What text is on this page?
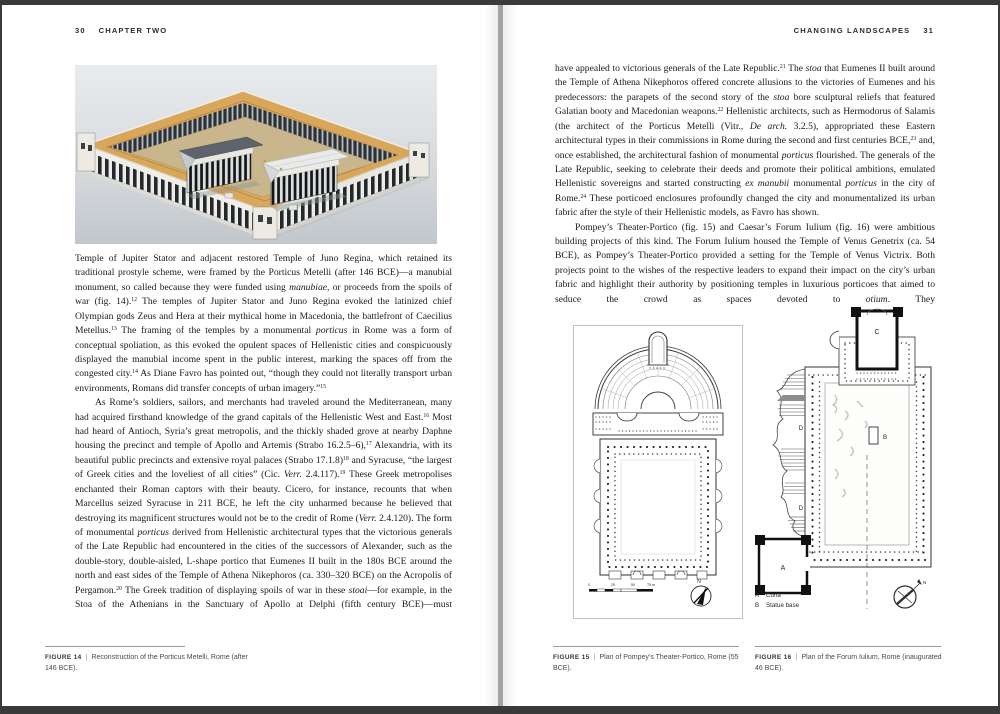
30 CHAPTER TWO

Temple of Jupiter Stator and adjacent restored Temple of Juno Regina, which retained its traditional prostyle scheme, were framed by the Porticus Metelli (after 146 BCE)—a manubial monument, so called because they were funded using manubiae, or proceeds from the spoils of war (fig. 14).$^{12}$ The temples of Jupiter Stator and Juno Regina evoked the latinized chief Olympian gods Zeus and Hera at their mythical home in Macedonia, the battlefront of Caecilius Metellus.$^{13}$ The framing of the temples by a monumental porticus in Rome was a form of conceptual spoliation, as this evoked the opulent spaces of Hellenistic cities and conspicuously displayed the manubial income spent in the public interest, marking the spaces off from the congested city.$^{14}$ As Diane Favro has pointed out, “though they could not literally transport urban environments, Romans did transfer concepts of urban imagery.”$^{15}$

As Rome’s soldiers, sailors, and merchants had traveled around the Mediterranean, many had acquired firsthand knowledge of the grand capitals of the Hellenistic West and East.$^{16}$ Most had heard of Antioch, Syria’s great metropolis, and the thickly shaded grove at nearby Daphne housing the precinct and temple of Apollo and Artemis (Strabo 16.2.5–6),$^{17}$ Alexandria, with its beautiful public precincts and extensive royal palaces (Strabo 17.1.8)$^{18}$ and Syracuse, “the largest of Greek cities and the loveliest of all cities” (Cic. Verr. 2.4.117).$^{19}$ These Greek metropolises enchanted their Roman captors with their beauty. Cicero, for instance, recounts that when Marcellus seized Syracuse in 211 BCE, he left the city unharmed because he believed that destroying its magnificent structures would not be to the credit of Rome (Verr. 2.4.120). The form of monumental porticus derived from Hellenistic architectural types that the victorious generals of the Late Republic had encountered in the cities of the successors of Alexander, such as the double-story, double-aisled, L-shape portico that Eumenes II built in the 180s BCE around the north and east sides of the Temple of Athena Nikephoros (ca. 330–320 BCE) on the Acropolis of Pergamon.$^{20}$ The Greek tradition of displaying spoils of war in these stoai—for example, in the Stoa of the Athenians in the Sanctuary of Apollo at Delphi (fifth century BCE)—must

FIGURE 14 | Reconstruction of the Porticus Metelli, Rome (after 146 BCE).
CHANGING LANDSCAPES 31

have appealed to victorious generals of the Late Republic.$^{21}$ The stoa that Eumenes II built around the Temple of Athena Nikephoros offered concrete allusions to the victories of Eumenes and his predecessors: the parapets of the second story of the stoa bore sculptural reliefs that featured Galatian booty and Macedonian weapons.$^{22}$ Hellenistic architects, such as Hermodorus of Salamis (the architect of the Porticus Metelli (Vitr., De arch. 3.2.5), appropriated these Eastern architectural types in their commissions in Rome during the second and first centuries BCE,$^{23}$ and, once established, the architectural fashion of monumental porticus flourished. The generals of the Late Republic, seeking to celebrate their deeds and promote their political ambitions, emulated Hellenistic sovereigns and started constructing ex manubii monumental porticus in the city of Rome.$^{24}$ These porticoed enclosures profoundly changed the city and monumentalized its urban fabric after the style of their Hellenistic models, as Favro has shown.

Pompey’s Theater-Portico (fig. 15) and Caesar’s Forum Iulium (fig. 16) were ambitious building projects of this kind. The Forum Iulium housed the Temple of Venus Genetrix (ca. 54 BCE), as Pompey’s Theater-Portico provided a setting for the Temple of Venus Victrix. Both projects point to the wishes of the respective leaders to expand their impact on the city’s urban fabric and highlight their authority by positioning temples in luxurious porticoes that aimed to seduce the crowd as spaces devoted to otium. They

0	25	50	75 m	N
C
B
D
D
A
A Curia
B Statue base
N
FIGURE 15 | Plan of Pompey’s Theater-Portico, Rome (55 BCE).
FIGURE 16 | Plan of the Forum Iulium, Rome (inaugurated 46 BCE).
